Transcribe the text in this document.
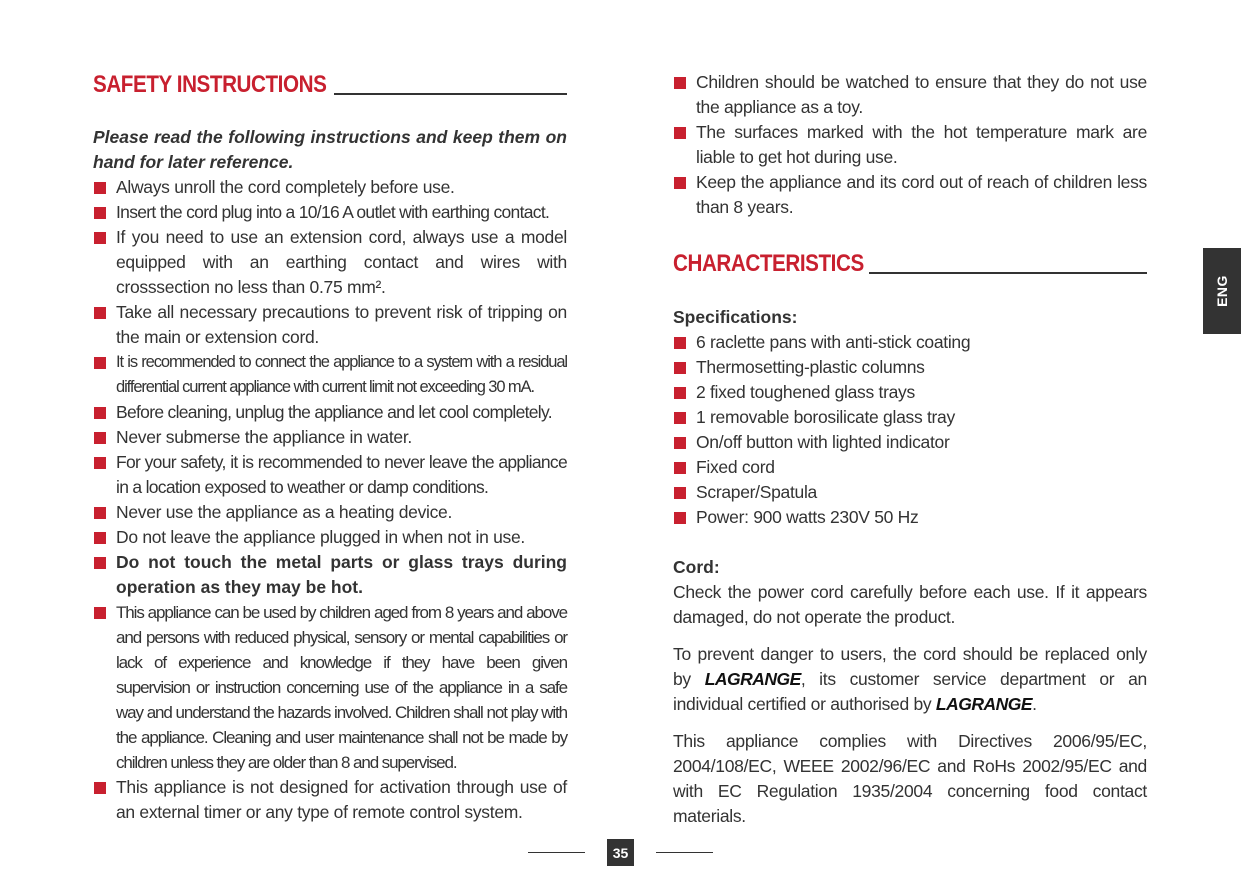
SAFETY INSTRUCTIONS
Please read the following instructions and keep them on hand for later reference.
Always unroll the cord completely before use.
Insert the cord plug into a 10/16 A outlet with earthing contact.
If you need to use an extension cord, always use a model equipped with an earthing contact and wires with crosssection no less than 0.75 mm².
Take all necessary precautions to prevent risk of tripping on the main or extension cord.
It is recommended to connect the appliance to a system with a residual differential current appliance with current limit not exceeding 30 mA.
Before cleaning, unplug the appliance and let cool completely.
Never submerse the appliance in water.
For your safety, it is recommended to never leave the appliance in a location exposed to weather or damp conditions.
Never use the appliance as a heating device.
Do not leave the appliance plugged in when not in use.
Do not touch the metal parts or glass trays during operation as they may be hot.
This appliance can be used by children aged from 8 years and above and persons with reduced physical, sensory or mental capabilities or lack of experience and knowledge if they have been given supervision or instruction concerning use of the appliance in a safe way and understand the hazards involved. Children shall not play with the appliance. Cleaning and user maintenance shall not be made by children unless they are older than 8 and supervised.
This appliance is not designed for activation through use of an external timer or any type of remote control system.
Children should be watched to ensure that they do not use the appliance as a toy.
The surfaces marked with the hot temperature mark are liable to get hot during use.
Keep the appliance and its cord out of reach of children less than 8 years.
CHARACTERISTICS
Specifications:
6 raclette pans with anti-stick coating
Thermosetting-plastic columns
2 fixed toughened glass trays
1 removable borosilicate glass tray
On/off button with lighted indicator
Fixed cord
Scraper/Spatula
Power: 900 watts 230V 50 Hz
Cord:
Check the power cord carefully before each use. If it appears damaged, do not operate the product.
To prevent danger to users, the cord should be replaced only by LAGRANGE, its customer service department or an individual certified or authorised by LAGRANGE.
This appliance complies with Directives 2006/95/EC, 2004/108/EC, WEEE 2002/96/EC and RoHs 2002/95/EC and with EC Regulation 1935/2004 concerning food contact materials.
ENG
35
